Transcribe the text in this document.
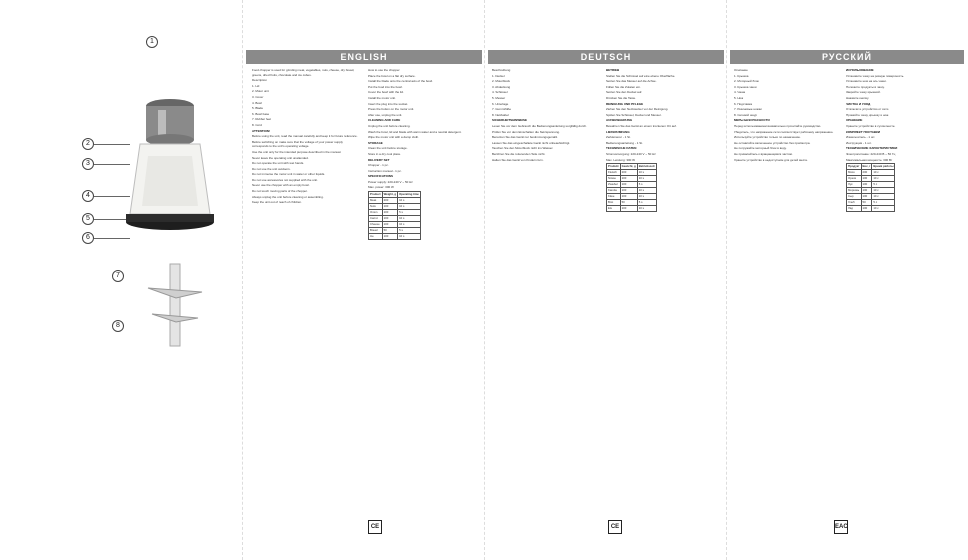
1
2
3
4
5
6
7
8
ENGLISH

Food chopper is used for grinding meat, vegetables, nuts, cheese, dry bread, greens, dried fruits, chocolate and ice cubes.

Description

1. Lid

2. Motor unit

3. Cover

4. Bowl

5. Blade

6. Bowl base

7. Rubber feet

8. Cord

ATTENTION!

Before using the unit, read the manual carefully and keep it for future reference.

Before switching on make sure that the voltage of your power supply corresponds to the unit's operating voltage.

Use the unit only for the intended purpose described in the manual.

Never leave the operating unit unattended.

Do not operate the unit with wet hands.

Do not use the unit outdoors.

Do not immerse the motor unit in water or other liquids.

Do not use accessories not supplied with the unit.

Never use the chopper with an empty bowl.

Do not touch moving parts of the chopper.

Always unplug the unit before cleaning or assembling.

Keep the unit out of reach of children.

How to use the chopper

Place the bowl on a flat dry surface.

Install the blade onto the central axis of the bowl.

Put the food into the bowl.

Cover the bowl with the lid.

Install the motor unit.

Insert the plug into the socket.

Press the button on the motor unit.

After use, unplug the unit.

CLEANING AND CARE

Unplug the unit before cleaning.

Wash the bowl, lid and blade with warm water and a neutral detergent.

Wipe the motor unit with a damp cloth.

STORAGE

Clean the unit before storage.

Store in a dry cool place.

DELIVERY SET

Chopper - 1 pc.

Instruction manual - 1 pc.

SPECIFICATIONS

Power supply: 220-240 V ~ 50 Hz

Max. power: 300 W

Product	Weight, g	Operating time
Meat	200	10 s
Nuts	100	10 s
Onion	100	5 s
Carrot	100	10 s
Cheese	100	10 s
Bread	50	5 s
Ice	100	10 s
CE
DEUTSCH

Beschreibung

1. Deckel

2. Motorblock

3. Abdeckung

4. Schüssel

5. Messer

6. Unterlage

7. Gummifüße

8. Netzkabel

SICHERHEITSHINWEISE

Lesen Sie vor dem Gebrauch die Bedienungsanleitung sorgfältig durch.

Prüfen Sie vor dem Einschalten die Netzspannung.

Benutzen Sie das Gerät nur bestimmungsgemäß.

Lassen Sie das eingeschaltete Gerät nicht unbeaufsichtigt.

Tauchen Sie den Motorblock nicht ins Wasser.

Berühren Sie die rotierenden Teile nicht.

Halten Sie das Gerät von Kindern fern.

BETRIEB

Stellen Sie die Schüssel auf eine ebene Oberfläche.

Setzen Sie das Messer auf die Achse.

Füllen Sie die Zutaten ein.

Setzen Sie den Deckel auf.

Drücken Sie die Taste.

REINIGUNG UND PFLEGE

Ziehen Sie den Netzstecker vor der Reinigung.

Spülen Sie Schüssel, Deckel und Messer.

AUFBEWAHRUNG

Bewahren Sie das Gerät an einem trockenen Ort auf.

LIEFERUMFANG

Zerkleinerer - 1 St.

Bedienungsanleitung - 1 St.

TECHNISCHE DATEN

Stromversorgung: 220-240 V ~ 50 Hz

Max. Leistung: 300 W

Produkt	Gewicht, g	Betriebszeit
Fleisch	200	10 s
Nüsse	100	10 s
Zwiebel	100	5 s
Karotte	100	10 s
Käse	100	10 s
Brot	50	5 s
Eis	100	10 s
CE
РУССКИЙ

Описание

1. Крышка

2. Моторный блок

3. Крышка чаши

4. Чаша

5. Нож

6. Подставка

7. Резиновые ножки

8. Сетевой шнур

МЕРЫ БЕЗОПАСНОСТИ

Перед использованием внимательно прочитайте руководство.

Убедитесь, что напряжение сети соответствует рабочему напряжению.

Используйте устройство только по назначению.

Не оставляйте включенное устройство без присмотра.

Не погружайте моторный блок в воду.

Не прикасайтесь к вращающимся частям.

Храните устройство в недоступном для детей месте.

ИСПОЛЬЗОВАНИЕ

Установите чашу на ровную поверхность.

Установите нож на ось чаши.

Положите продукты в чашу.

Закройте чашу крышкой.

Нажмите кнопку.

ЧИСТКА И УХОД

Отключите устройство от сети.

Промойте чашу, крышку и нож.

ХРАНЕНИЕ

Храните устройство в сухом месте.

КОМПЛЕКТ ПОСТАВКИ

Измельчитель - 1 шт.

Инструкция - 1 шт.

ТЕХНИЧЕСКИЕ ХАРАКТЕРИСТИКИ

Электропитание: 220-240 В ~ 50 Гц

Максимальная мощность: 300 Вт

Продукт	Вес, г	Время работы
Мясо	200	10 с
Орехи	100	10 с
Лук	100	5 с
Морковь	100	10 с
Сыр	100	10 с
Хлеб	50	5 с
Лёд	100	10 с
EAC
